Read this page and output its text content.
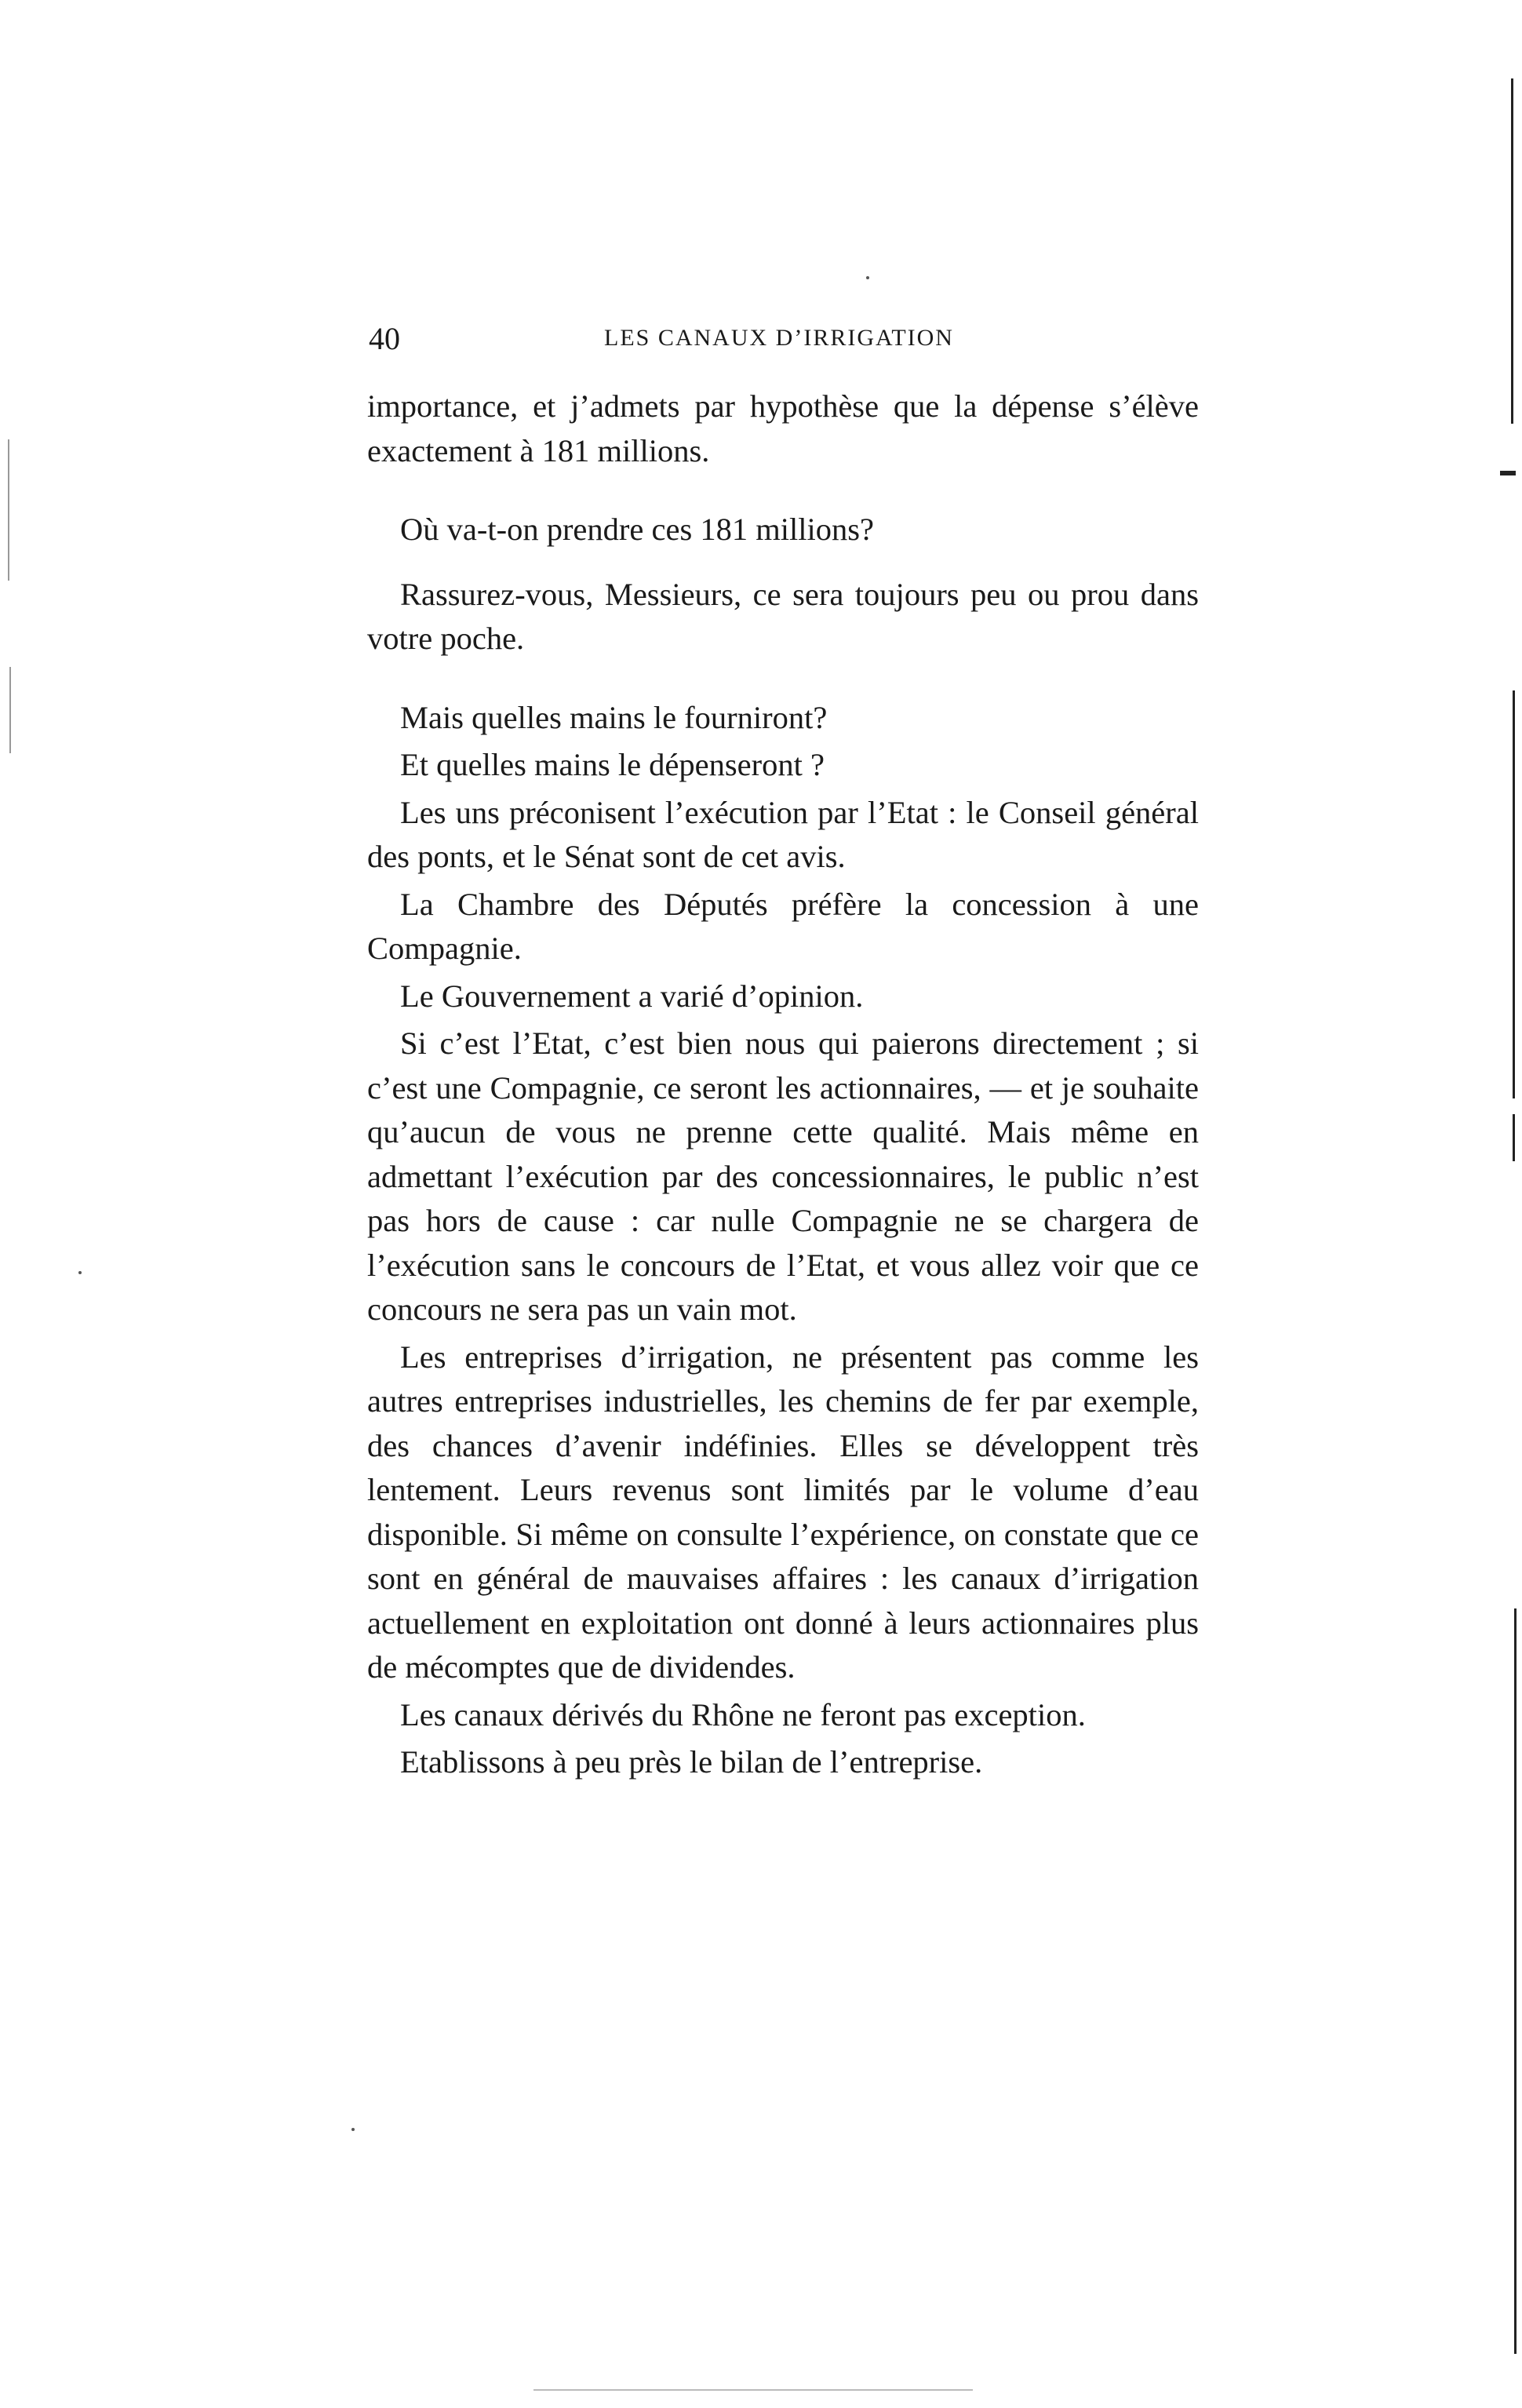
40	LES CANAUX D’IRRIGATION

importance, et j’admets par hypothèse que la dépense s’élève exactement à 181 millions.

Où va-t-on prendre ces 181 millions?

Rassurez-vous, Messieurs, ce sera toujours peu ou prou dans votre poche.

Mais quelles mains le fourniront?

Et quelles mains le dépenseront ?

Les uns préconisent l’exécution par l’Etat : le Conseil général des ponts, et le Sénat sont de cet avis.

La Chambre des Députés préfère la concession à une Compagnie.

Le Gouvernement a varié d’opinion.

Si c’est l’Etat, c’est bien nous qui paierons directement ; si c’est une Compagnie, ce seront les actionnaires, — et je souhaite qu’aucun de vous ne prenne cette qualité. Mais même en admettant l’exécution par des concessionnaires, le public n’est pas hors de cause : car nulle Compagnie ne se chargera de l’exécution sans le concours de l’Etat, et vous allez voir que ce concours ne sera pas un vain mot.

Les entreprises d’irrigation, ne présentent pas comme les autres entreprises industrielles, les chemins de fer par exemple, des chances d’avenir indéfinies. Elles se développent très lentement. Leurs revenus sont limités par le volume d’eau disponible. Si même on consulte l’expérience, on constate que ce sont en général de mauvaises affaires : les canaux d’irrigation actuellement en exploitation ont donné à leurs actionnaires plus de mécomptes que de dividendes.

Les canaux dérivés du Rhône ne feront pas exception.

Etablissons à peu près le bilan de l’entreprise.
